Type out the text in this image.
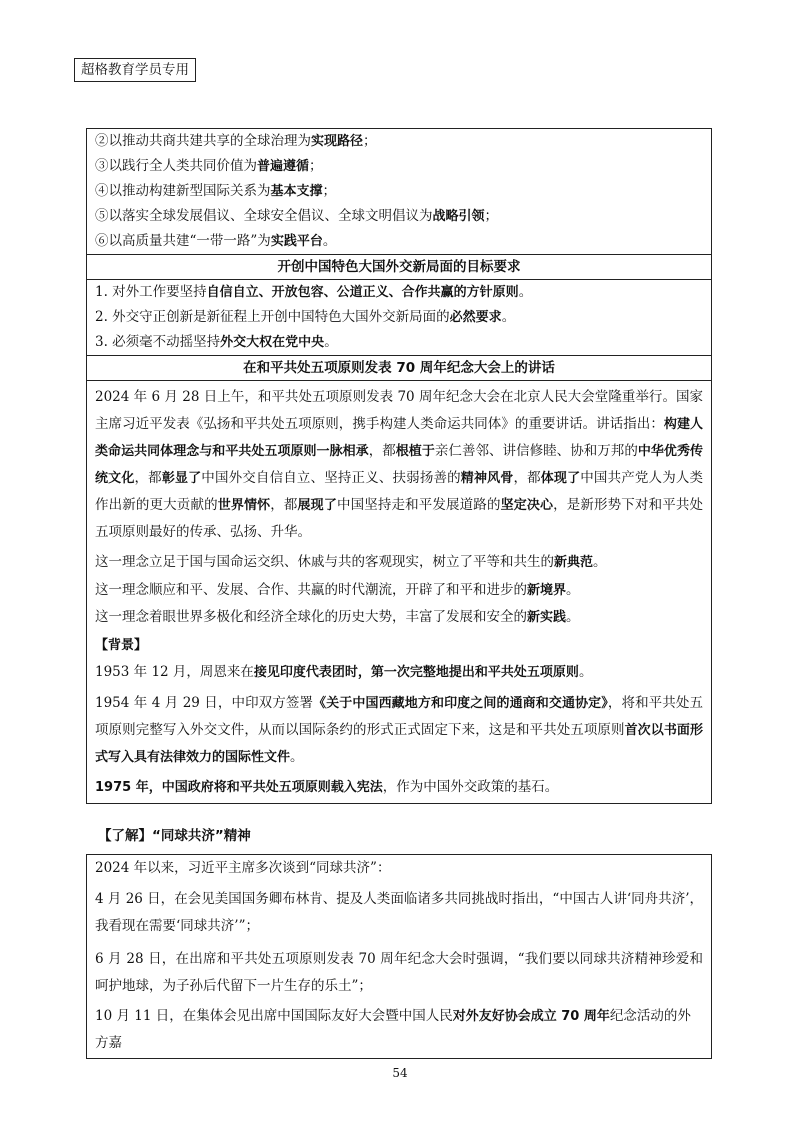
超格教育学员专用
②以推动共商共建共享的全球治理为实现路径；
③以践行全人类共同价值为普遍遵循；
④以推动构建新型国际关系为基本支撑；
⑤以落实全球发展倡议、全球安全倡议、全球文明倡议为战略引领；
⑥以高质量共建“一带一路”为实践平台。
开创中国特色大国外交新局面的目标要求
1. 对外工作要坚持自信自立、开放包容、公道正义、合作共赢的方针原则。
2. 外交守正创新是新征程上开创中国特色大国外交新局面的必然要求。
3. 必须毫不动摇坚持外交大权在党中央。
在和平共处五项原则发表 70 周年纪念大会上的讲话
2024 年 6 月 28 日上午，和平共处五项原则发表 70 周年纪念大会在北京人民大会堂隆重举行。国家主席习近平发表《弘扬和平共处五项原则，携手构建人类命运共同体》的重要讲话。讲话指出：构建人类命运共同体理念与和平共处五项原则一脉相承，都根植于亲仁善邻、讲信修睦、协和万邦的中华优秀传统文化，都彰显了中国外交自信自立、坚持正义、扶弱扬善的精神风骨，都体现了中国共产党人为人类作出新的更大贡献的世界情怀，都展现了中国坚持走和平发展道路的坚定决心，是新形势下对和平共处五项原则最好的传承、弘扬、升华。
这一理念立足于国与国命运交织、休戚与共的客观现实，树立了平等和共生的新典范。
这一理念顺应和平、发展、合作、共赢的时代潮流，开辟了和平和进步的新境界。
这一理念着眼世界多极化和经济全球化的历史大势，丰富了发展和安全的新实践。
【背景】
1953 年 12 月，周恩来在接见印度代表团时，第一次完整地提出和平共处五项原则。
1954 年 4 月 29 日，中印双方签署《关于中国西藏地方和印度之间的通商和交通协定》，将和平共处五项原则完整写入外交文件，从而以国际条约的形式正式固定下来，这是和平共处五项原则首次以书面形式写入具有法律效力的国际性文件。
1975 年，中国政府将和平共处五项原则载入宪法，作为中国外交政策的基石。
【了解】“同球共济”精神
2024 年以来，习近平主席多次谈到“同球共济”：
4 月 26 日，在会见美国国务卿布林肯、提及人类面临诸多共同挑战时指出，“中国古人讲‘同舟共济’，我看现在需要‘同球共济’”；
6 月 28 日，在出席和平共处五项原则发表 70 周年纪念大会时强调，“我们要以同球共济精神珍爱和呵护地球，为子孙后代留下一片生存的乐土”；
10 月 11 日，在集体会见出席中国国际友好大会暨中国人民对外友好协会成立 70 周年纪念活动的外方嘉
54
